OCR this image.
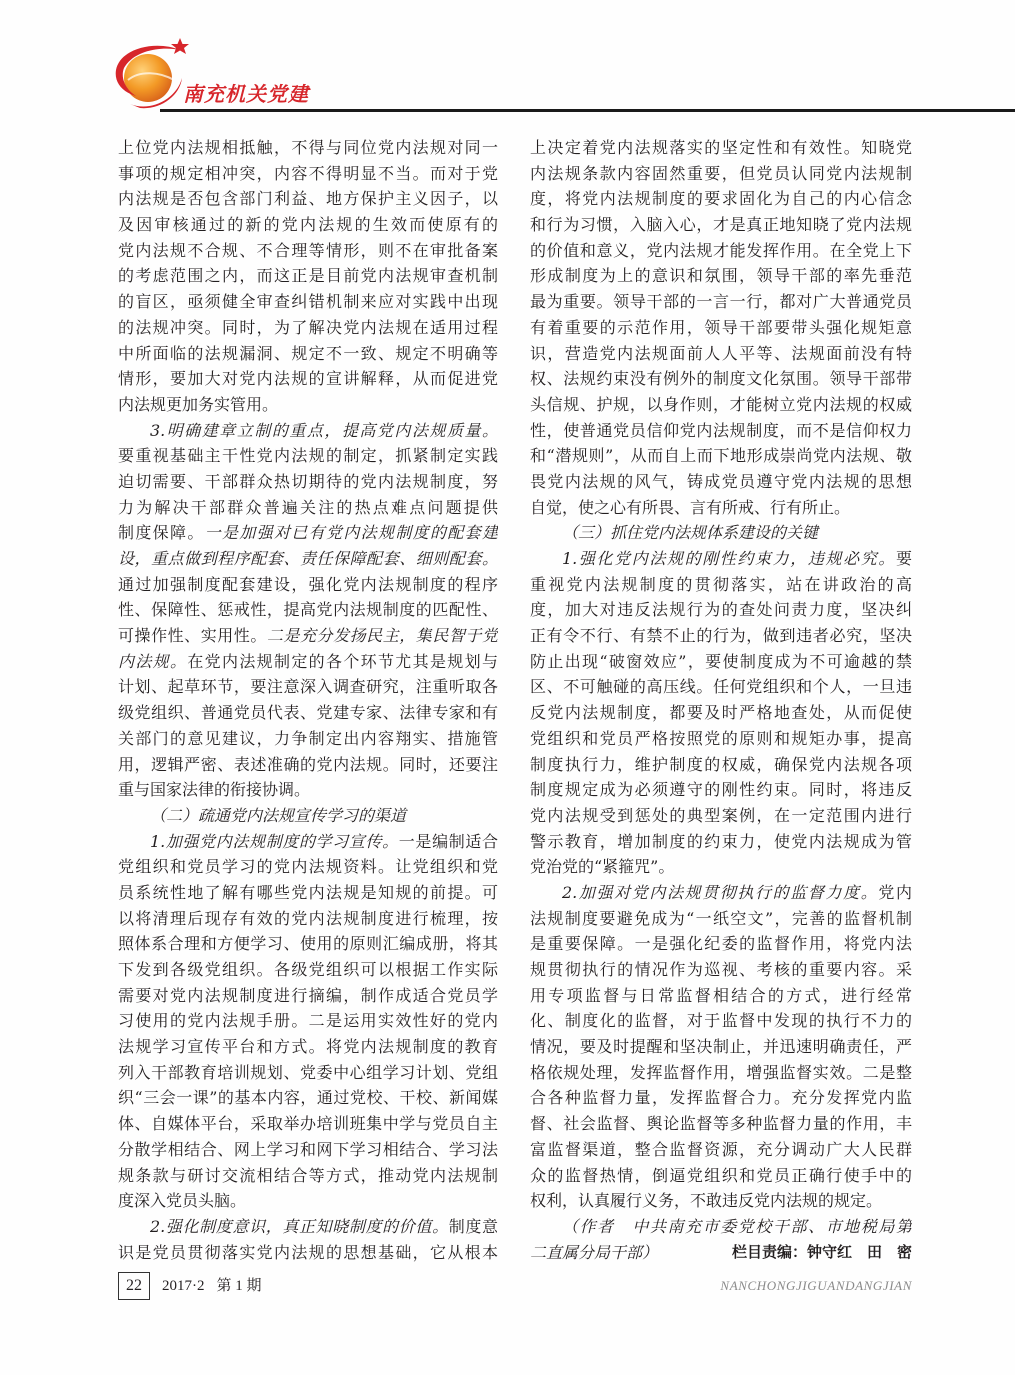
南充机关党建
上位党内法规相抵触，不得与同位党内法规对同一
事项的规定相冲突，内容不得明显不当。而对于党
内法规是否包含部门利益、地方保护主义因子，以
及因审核通过的新的党内法规的生效而使原有的
党内法规不合规、不合理等情形，则不在审批备案
的考虑范围之内，而这正是目前党内法规审查机制
的盲区，亟须健全审查纠错机制来应对实践中出现
的法规冲突。同时，为了解决党内法规在适用过程
中所面临的法规漏洞、规定不一致、规定不明确等
情形，要加大对党内法规的宣讲解释，从而促进党
内法规更加务实管用。
3.明确建章立制的重点，提高党内法规质量。
要重视基础主干性党内法规的制定，抓紧制定实践
迫切需要、干部群众热切期待的党内法规制度，努
力为解决干部群众普遍关注的热点难点问题提供
制度保障。一是加强对已有党内法规制度的配套建
设，重点做到程序配套、责任保障配套、细则配套。
通过加强制度配套建设，强化党内法规制度的程序
性、保障性、惩戒性，提高党内法规制度的匹配性、
可操作性、实用性。二是充分发扬民主，集民智于党
内法规。在党内法规制定的各个环节尤其是规划与
计划、起草环节，要注意深入调查研究，注重听取各
级党组织、普通党员代表、党建专家、法律专家和有
关部门的意见建议，力争制定出内容翔实、措施管
用，逻辑严密、表述准确的党内法规。同时，还要注
重与国家法律的衔接协调。
（二）疏通党内法规宣传学习的渠道
1.加强党内法规制度的学习宣传。一是编制适合
党组织和党员学习的党内法规资料。让党组织和党
员系统性地了解有哪些党内法规是知规的前提。可
以将清理后现存有效的党内法规制度进行梳理，按
照体系合理和方便学习、使用的原则汇编成册，将其
下发到各级党组织。各级党组织可以根据工作实际
需要对党内法规制度进行摘编，制作成适合党员学
习使用的党内法规手册。二是运用实效性好的党内
法规学习宣传平台和方式。将党内法规制度的教育
列入干部教育培训规划、党委中心组学习计划、党组
织“三会一课”的基本内容，通过党校、干校、新闻媒
体、自媒体平台，采取举办培训班集中学与党员自主
分散学相结合、网上学习和网下学习相结合、学习法
规条款与研讨交流相结合等方式，推动党内法规制
度深入党员头脑。
2.强化制度意识，真正知晓制度的价值。制度意
识是党员贯彻落实党内法规的思想基础，它从根本
上决定着党内法规落实的坚定性和有效性。知晓党
内法规条款内容固然重要，但党员认同党内法规制
度，将党内法规制度的要求固化为自己的内心信念
和行为习惯，入脑入心，才是真正地知晓了党内法规
的价值和意义，党内法规才能发挥作用。在全党上下
形成制度为上的意识和氛围，领导干部的率先垂范
最为重要。领导干部的一言一行，都对广大普通党员
有着重要的示范作用，领导干部要带头强化规矩意
识，营造党内法规面前人人平等、法规面前没有特
权、法规约束没有例外的制度文化氛围。领导干部带
头信规、护规，以身作则，才能树立党内法规的权威
性，使普通党员信仰党内法规制度，而不是信仰权力
和“潜规则”，从而自上而下地形成崇尚党内法规、敬
畏党内法规的风气，铸成党员遵守党内法规的思想
自觉，使之心有所畏、言有所戒、行有所止。
（三）抓住党内法规体系建设的关键
1.强化党内法规的刚性约束力，违规必究。要
重视党内法规制度的贯彻落实，站在讲政治的高
度，加大对违反法规行为的查处问责力度，坚决纠
正有令不行、有禁不止的行为，做到违者必究，坚决
防止出现“破窗效应”，要使制度成为不可逾越的禁
区、不可触碰的高压线。任何党组织和个人，一旦违
反党内法规制度，都要及时严格地查处，从而促使
党组织和党员严格按照党的原则和规矩办事，提高
制度执行力，维护制度的权威，确保党内法规各项
制度规定成为必须遵守的刚性约束。同时，将违反
党内法规受到惩处的典型案例，在一定范围内进行
警示教育，增加制度的约束力，使党内法规成为管
党治党的“紧箍咒”。
2.加强对党内法规贯彻执行的监督力度。党内
法规制度要避免成为“一纸空文”，完善的监督机制
是重要保障。一是强化纪委的监督作用，将党内法
规贯彻执行的情况作为巡视、考核的重要内容。采
用专项监督与日常监督相结合的方式，进行经常
化、制度化的监督，对于监督中发现的执行不力的
情况，要及时提醒和坚决制止，并迅速明确责任，严
格依规处理，发挥监督作用，增强监督实效。二是整
合各种监督力量，发挥监督合力。充分发挥党内监
督、社会监督、舆论监督等多种监督力量的作用，丰
富监督渠道，整合监督资源，充分调动广大人民群
众的监督热情，倒逼党组织和党员正确行使手中的
权利，认真履行义务，不敢违反党内法规的规定。
（作者　中共南充市委党校干部、市地税局第
二直属分局干部）	栏目责编：钟守红　田　密
22	2017·2 第 1 期	NANCHONGJIGUANDANGJIAN
